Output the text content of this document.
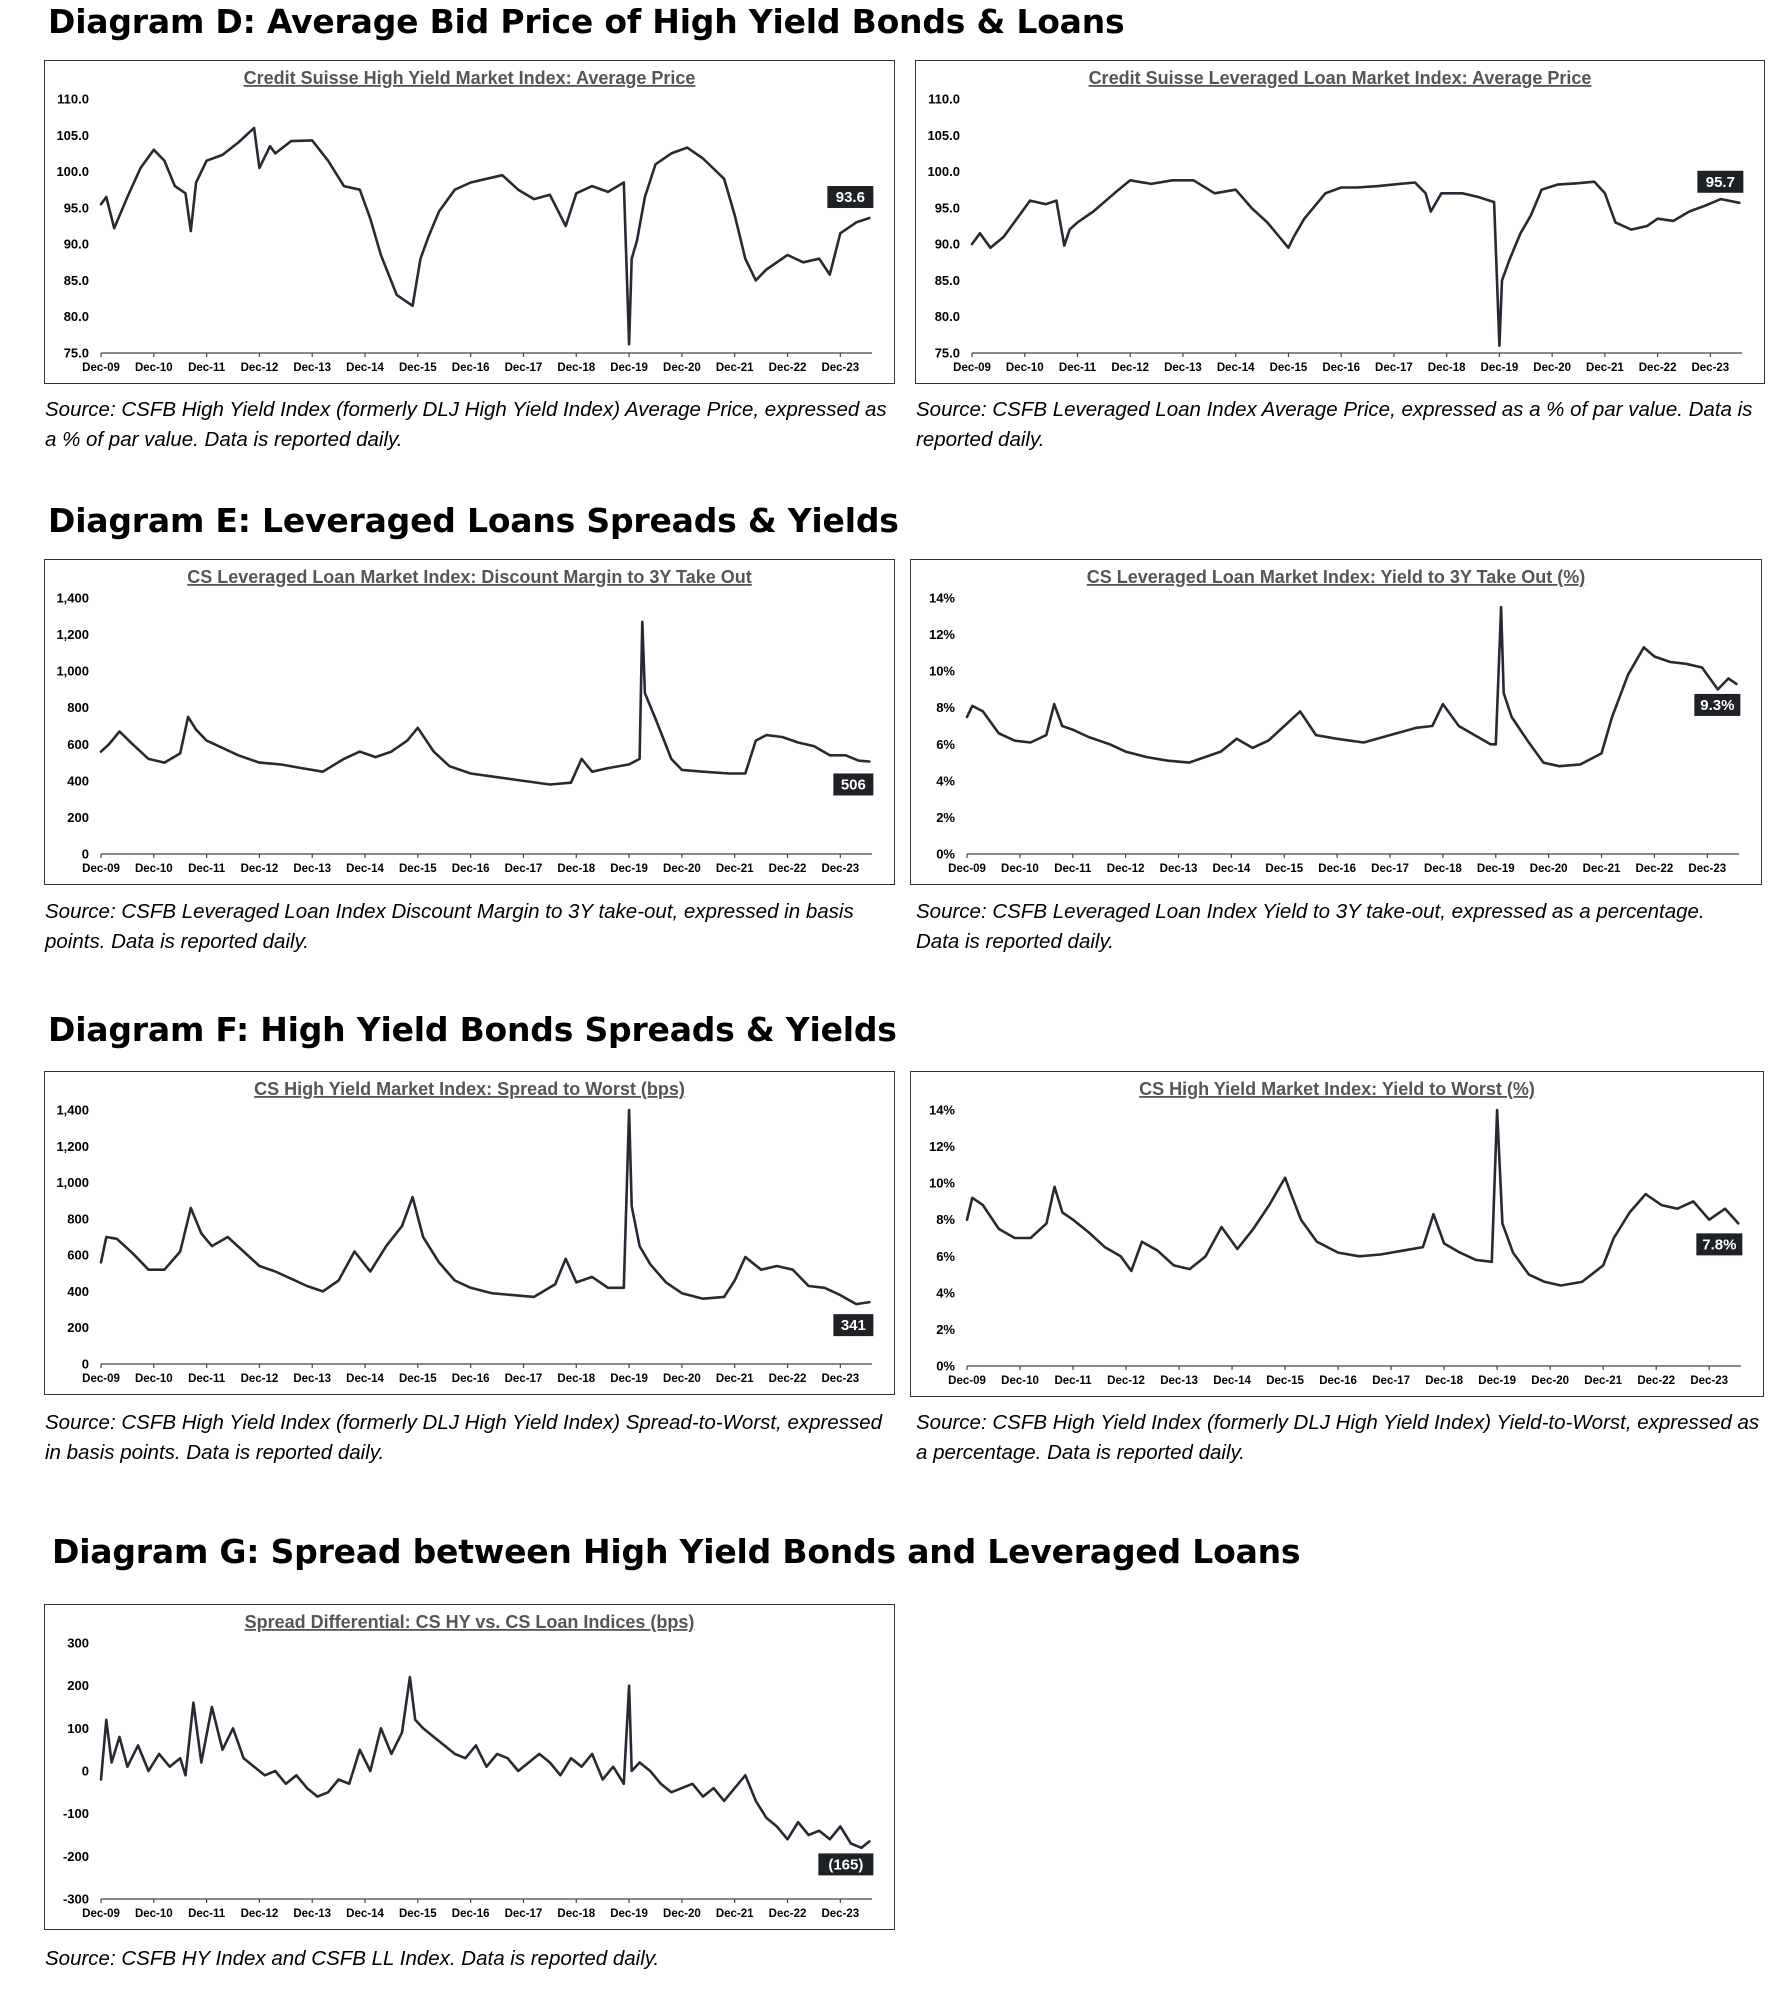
Diagram D: Average Bid Price of High Yield Bonds & Loans
Credit Suisse High Yield Market Index: Average Price
75.0
80.0
85.0
90.0
95.0
100.0
105.0
110.0
Dec-09 Dec-10 Dec-11 Dec-12 Dec-13 Dec-14 Dec-15 Dec-16 Dec-17 Dec-18 Dec-19 Dec-20 Dec-21 Dec-22 Dec-23
93.6
Credit Suisse Leveraged Loan Market Index: Average Price
75.0
80.0
85.0
90.0
95.0
100.0
105.0
110.0
Dec-09 Dec-10 Dec-11 Dec-12 Dec-13 Dec-14 Dec-15 Dec-16 Dec-17 Dec-18 Dec-19 Dec-20 Dec-21 Dec-22 Dec-23
95.7

Source: CSFB High Yield Index (formerly DLJ High Yield Index) Average Price, expressed as a % of par value. Data is reported daily.

Source: CSFB Leveraged Loan Index Average Price, expressed as a % of par value. Data is reported daily.

Diagram E: Leveraged Loans Spreads & Yields
CS Leveraged Loan Market Index: Discount Margin to 3Y Take Out
0
200
400
600
800
1,000
1,200
1,400
Dec-09 Dec-10 Dec-11 Dec-12 Dec-13 Dec-14 Dec-15 Dec-16 Dec-17 Dec-18 Dec-19 Dec-20 Dec-21 Dec-22 Dec-23
506
CS Leveraged Loan Market Index: Yield to 3Y Take Out (%)
0%
2%
4%
6%
8%
10%
12%
14%
Dec-09 Dec-10 Dec-11 Dec-12 Dec-13 Dec-14 Dec-15 Dec-16 Dec-17 Dec-18 Dec-19 Dec-20 Dec-21 Dec-22 Dec-23
9.3%

Source: CSFB Leveraged Loan Index Discount Margin to 3Y take-out, expressed in basis points. Data is reported daily.

Source: CSFB Leveraged Loan Index Yield to 3Y take-out, expressed as a percentage. Data is reported daily.

Diagram F: High Yield Bonds Spreads & Yields
CS High Yield Market Index: Spread to Worst (bps)
0
200
400
600
800
1,000
1,200
1,400
Dec-09 Dec-10 Dec-11 Dec-12 Dec-13 Dec-14 Dec-15 Dec-16 Dec-17 Dec-18 Dec-19 Dec-20 Dec-21 Dec-22 Dec-23
341
CS High Yield Market Index: Yield to Worst (%)
0%
2%
4%
6%
8%
10%
12%
14%
Dec-09 Dec-10 Dec-11 Dec-12 Dec-13 Dec-14 Dec-15 Dec-16 Dec-17 Dec-18 Dec-19 Dec-20 Dec-21 Dec-22 Dec-23
7.8%

Source: CSFB High Yield Index (formerly DLJ High Yield Index) Spread-to-Worst, expressed in basis points. Data is reported daily.

Source: CSFB High Yield Index (formerly DLJ High Yield Index) Yield-to-Worst, expressed as a percentage. Data is reported daily.

Diagram G: Spread between High Yield Bonds and Leveraged Loans
Spread Differential: CS HY vs. CS Loan Indices (bps)
-300
-200
-100
0
100
200
300
Dec-09 Dec-10 Dec-11 Dec-12 Dec-13 Dec-14 Dec-15 Dec-16 Dec-17 Dec-18 Dec-19 Dec-20 Dec-21 Dec-22 Dec-23
(165)

Source: CSFB HY Index and CSFB LL Index. Data is reported daily.
